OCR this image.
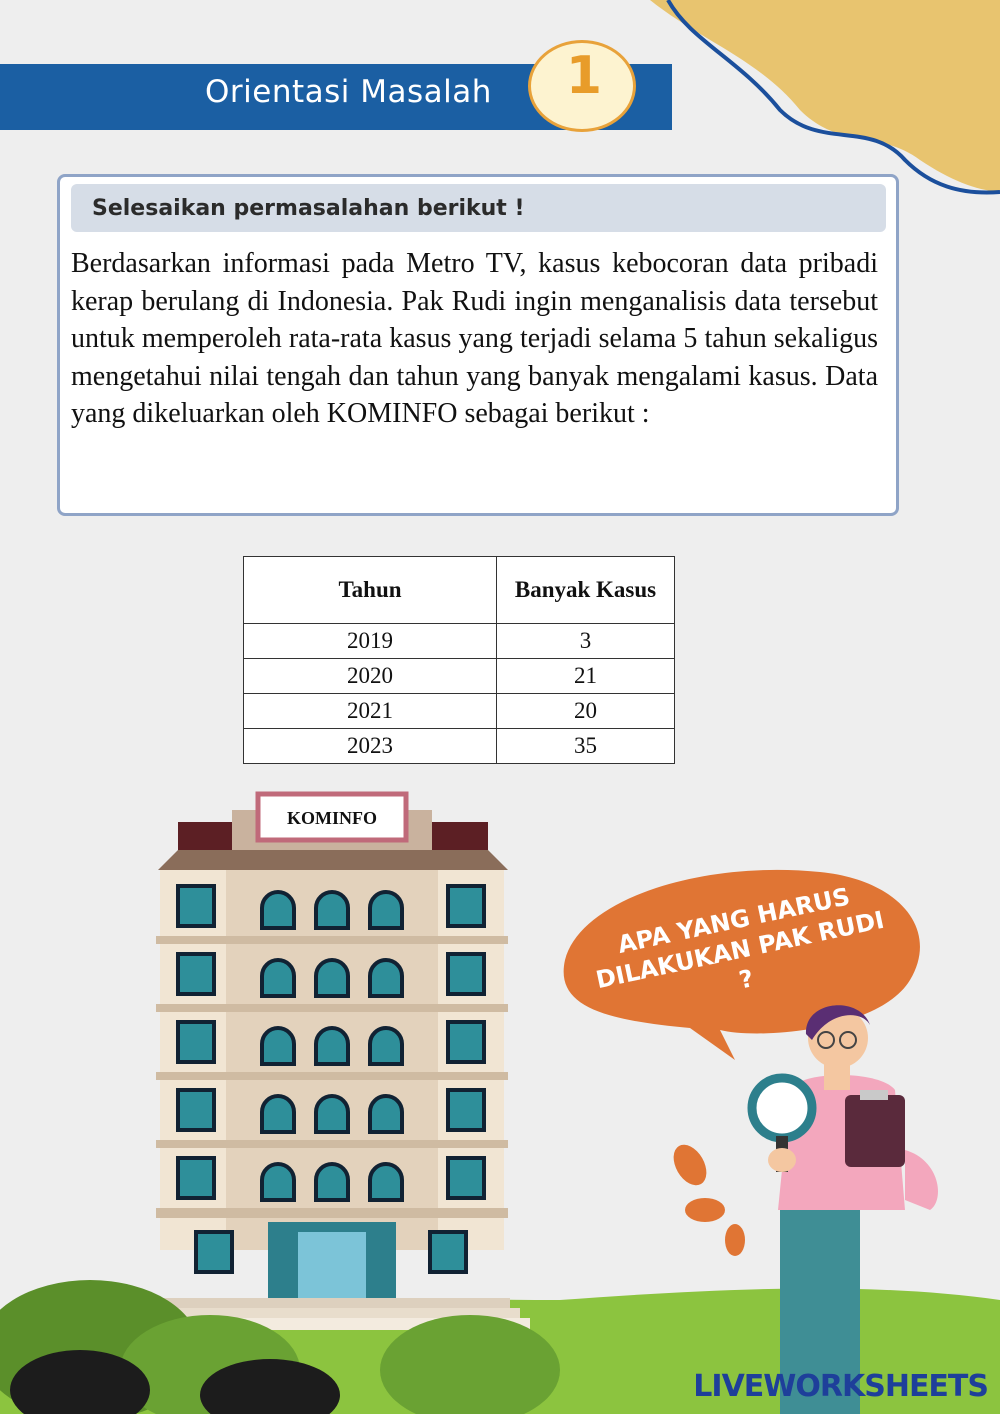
Orientasi Masalah	1
Selesaikan permasalahan berikut !
Berdasarkan informasi pada Metro TV, kasus kebocoran data pribadi kerap berulang di Indonesia. Pak Rudi ingin menganalisis data tersebut untuk memperoleh rata-rata kasus yang terjadi selama 5 tahun sekaligus mengetahui nilai tengah dan tahun yang banyak mengalami kasus. Data yang dikeluarkan oleh KOMINFO sebagai berikut :
Tahun	Banyak Kasus
2019	3
2020	21
2021	20
2023	35
KOMINFO
APA YANG HARUS DILAKUKAN PAK RUDI ?
LIVEWORKSHEETS
